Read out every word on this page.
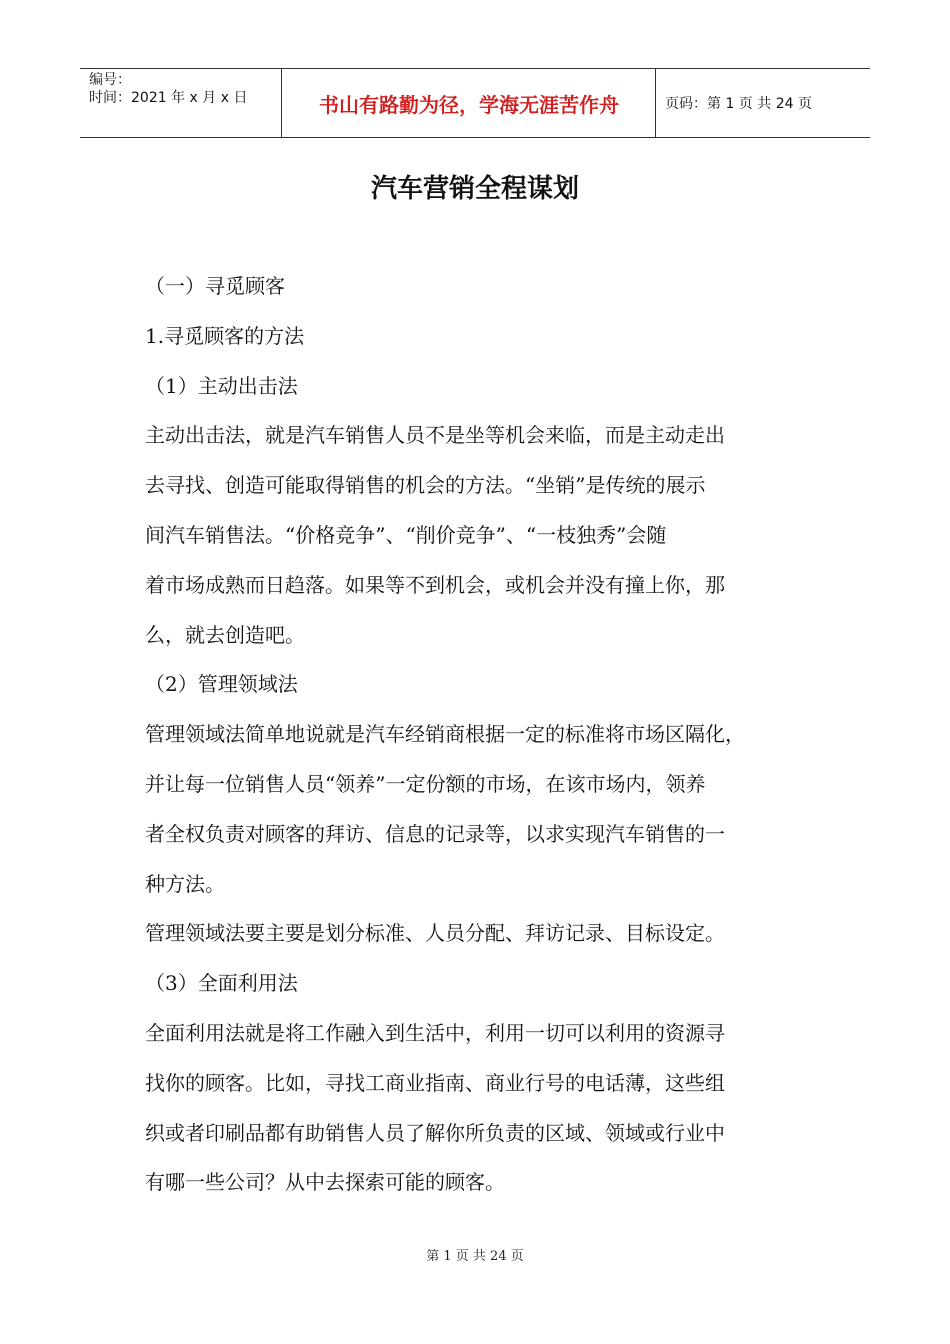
编号：
时间：2021 年 x 月 x 日	书山有路勤为径，学海无涯苦作舟	页码：第 1 页 共 24 页
汽车营销全程谋划

（一）寻觅顾客

1.寻觅顾客的方法

（1）主动出击法

主动出击法，就是汽车销售人员不是坐等机会来临，而是主动走出

去寻找、创造可能取得销售的机会的方法。“坐销”是传统的展示

间汽车销售法。“价格竞争”、“削价竞争”、“一枝独秀”会随

着市场成熟而日趋落。如果等不到机会，或机会并没有撞上你，那

么，就去创造吧。

（2）管理领域法

管理领域法简单地说就是汽车经销商根据一定的标准将市场区隔化，

并让每一位销售人员“领养”一定份额的市场，在该市场内，领养

者全权负责对顾客的拜访、信息的记录等，以求实现汽车销售的一

种方法。

管理领域法要主要是划分标准、人员分配、拜访记录、目标设定。

（3）全面利用法

全面利用法就是将工作融入到生活中，利用一切可以利用的资源寻

找你的顾客。比如，寻找工商业指南、商业行号的电话薄，这些组

织或者印刷品都有助销售人员了解你所负责的区域、领域或行业中

有哪一些公司？从中去探索可能的顾客。

第 1 页 共 24 页
